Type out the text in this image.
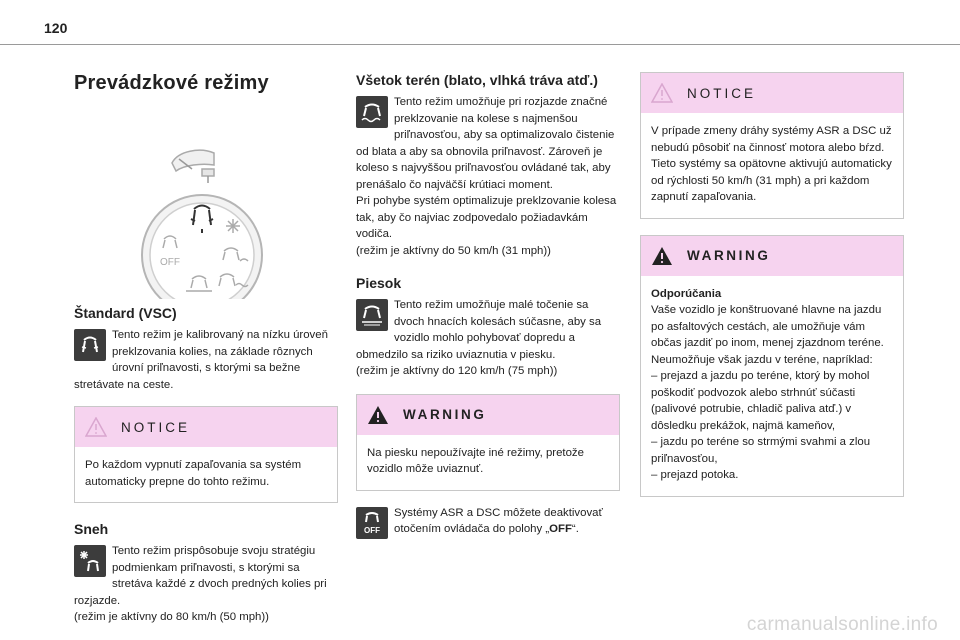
120
Prevádzkové režimy
OFF
Štandard (VSC)

Tento režim je kalibrovaný na nízku úroveň preklzovania kolies, na základe rôznych úrovní priľnavosti, s ktorými sa bežne stretávate na ceste.

NOTICE

Po každom vypnutí zapaľovania sa systém automaticky prepne do tohto režimu.

Sneh

Tento režim prispôsobuje svoju stratégiu podmienkam priľnavosti, s ktorými sa stretáva každé z dvoch predných kolies pri rozjazde.

(režim je aktívny do 80 km/h (50 mph))

Všetok terén (blato, vlhká tráva atď.)

Tento režim umožňuje pri rozjazde značné preklzovanie na kolese s najmenšou priľnavosťou, aby sa optimalizovalo čistenie od blata a aby sa obnovila priľnavosť. Zároveň je koleso s najvyššou priľnavosťou ovládané tak, aby prenášalo čo najväčší krútiaci moment.

Pri pohybe systém optimalizuje preklzovanie kolesa tak, aby čo najviac zodpovedalo požiadavkám vodiča.

(režim je aktívny do 50 km/h (31 mph))

Piesok

Tento režim umožňuje malé točenie sa dvoch hnacích kolesách súčasne, aby sa vozidlo mohlo pohybovať dopredu a obmedzilo sa riziko uviaznutia v piesku.

(režim je aktívny do 120 km/h (75 mph))

WARNING

Na piesku nepoužívajte iné režimy, pretože vozidlo môže uviaznuť.

OFF

Systémy ASR a DSC môžete deaktivovať otočením ovládača do polohy „OFF“.

NOTICE

V prípade zmeny dráhy systémy ASR a DSC už nebudú pôsobiť na činnosť motora alebo bŕzd.

Tieto systémy sa opätovne aktivujú automaticky od rýchlosti 50 km/h (31 mph) a pri každom zapnutí zapaľovania.

WARNING

Odporúčania

Vaše vozidlo je konštruované hlavne na jazdu po asfaltových cestách, ale umožňuje vám občas jazdiť po inom, menej zjazdnom teréne.

Neumožňuje však jazdu v teréne, napríklad:

– prejazd a jazdu po teréne, ktorý by mohol poškodiť podvozok alebo strhnúť súčasti (palivové potrubie, chladič paliva atď.) v dôsledku prekážok, najmä kameňov,

– jazdu po teréne so strmými svahmi a zlou priľnavosťou,

– prejazd potoka.

carmanualsonline.info
